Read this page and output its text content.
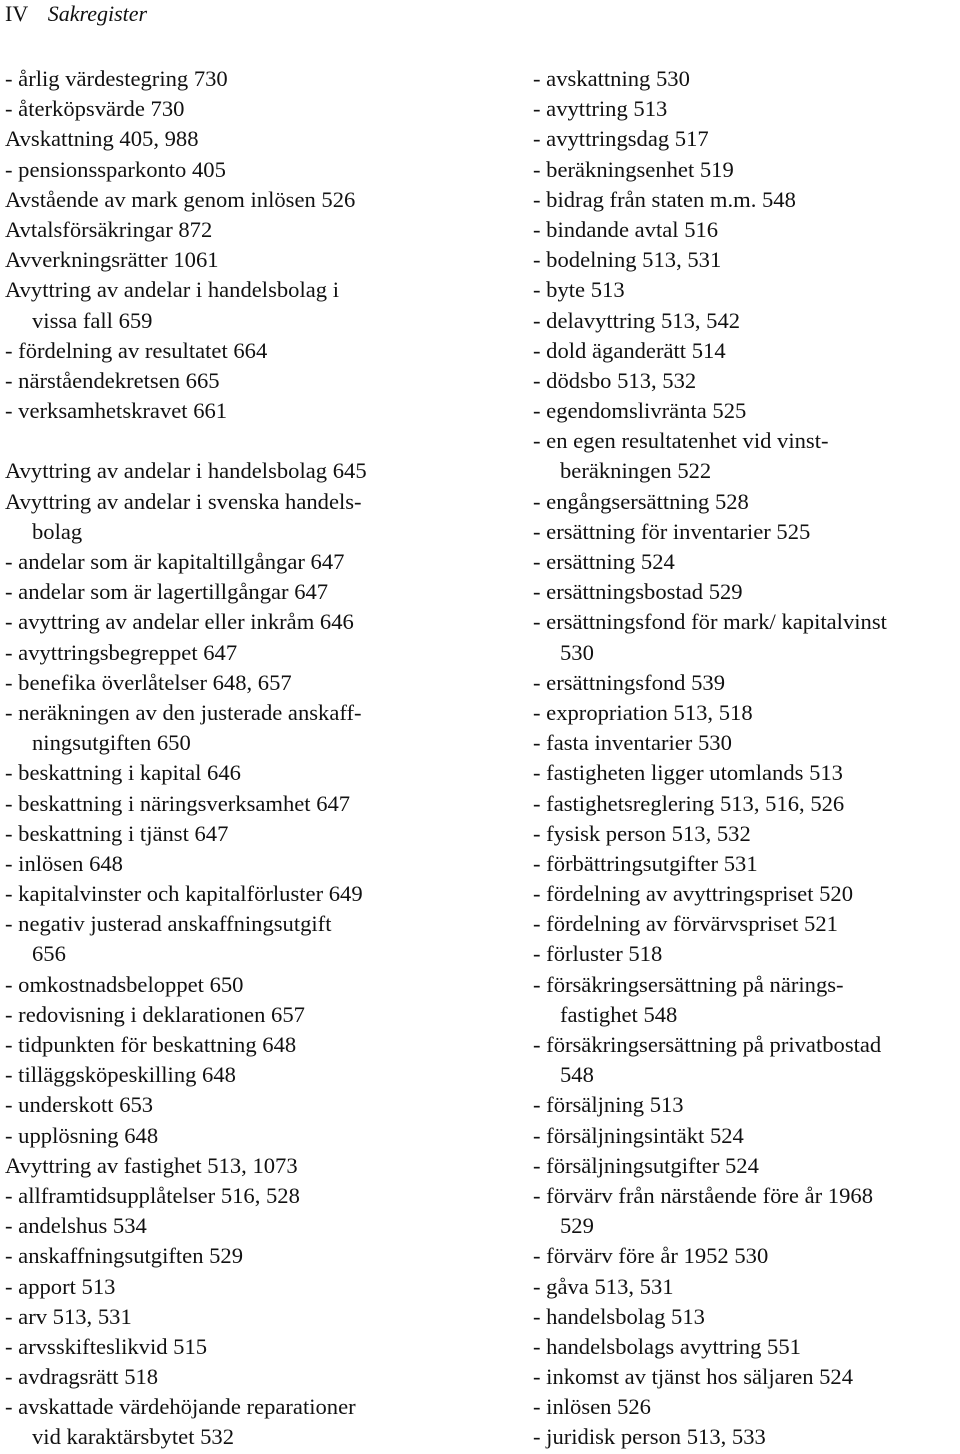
IV Sakregister
- årlig värdestegring 730
- återköpsvärde 730
Avskattning 405, 988
- pensionssparkonto 405
Avstående av mark genom inlösen 526
Avtalsförsäkringar 872
Avverkningsrätter 1061
Avyttring av andelar i handelsbolag i
vissa fall 659
- fördelning av resultatet 664
- närståendekretsen 665
- verksamhetskravet 661
Avyttring av andelar i handelsbolag 645
Avyttring av andelar i svenska handels-
bolag
- andelar som är kapitaltillgångar 647
- andelar som är lagertillgångar 647
- avyttring av andelar eller inkråm 646
- avyttringsbegreppet 647
- benefika överlåtelser 648, 657
- neräkningen av den justerade anskaff-
ningsutgiften 650
- beskattning i kapital 646
- beskattning i näringsverksamhet 647
- beskattning i tjänst 647
- inlösen 648
- kapitalvinster och kapitalförluster 649
- negativ justerad anskaffningsutgift
656
- omkostnadsbeloppet 650
- redovisning i deklarationen 657
- tidpunkten för beskattning 648
- tilläggsköpeskilling 648
- underskott 653
- upplösning 648
Avyttring av fastighet 513, 1073
- allframtidsupplåtelser 516, 528
- andelshus 534
- anskaffningsutgiften 529
- apport 513
- arv 513, 531
- arvsskifteslikvid 515
- avdragsrätt 518
- avskattade värdehöjande reparationer
vid karaktärsbytet 532
- avskattning 530
- avyttring 513
- avyttringsdag 517
- beräkningsenhet 519
- bidrag från staten m.m. 548
- bindande avtal 516
- bodelning 513, 531
- byte 513
- delavyttring 513, 542
- dold äganderätt 514
- dödsbo 513, 532
- egendomslivränta 525
- en egen resultatenhet vid vinst-
beräkningen 522
- engångsersättning 528
- ersättning för inventarier 525
- ersättning 524
- ersättningsbostad 529
- ersättningsfond för mark/ kapitalvinst
530
- ersättningsfond 539
- expropriation 513, 518
- fasta inventarier 530
- fastigheten ligger utomlands 513
- fastighetsreglering 513, 516, 526
- fysisk person 513, 532
- förbättringsutgifter 531
- fördelning av avyttringspriset 520
- fördelning av förvärvspriset 521
- förluster 518
- försäkringsersättning på närings-
fastighet 548
- försäkringsersättning på privatbostad
548
- försäljning 513
- försäljningsintäkt 524
- försäljningsutgifter 524
- förvärv från närstående före år 1968
529
- förvärv före år 1952 530
- gåva 513, 531
- handelsbolag 513
- handelsbolags avyttring 551
- inkomst av tjänst hos säljaren 524
- inlösen 526
- juridisk person 513, 533
